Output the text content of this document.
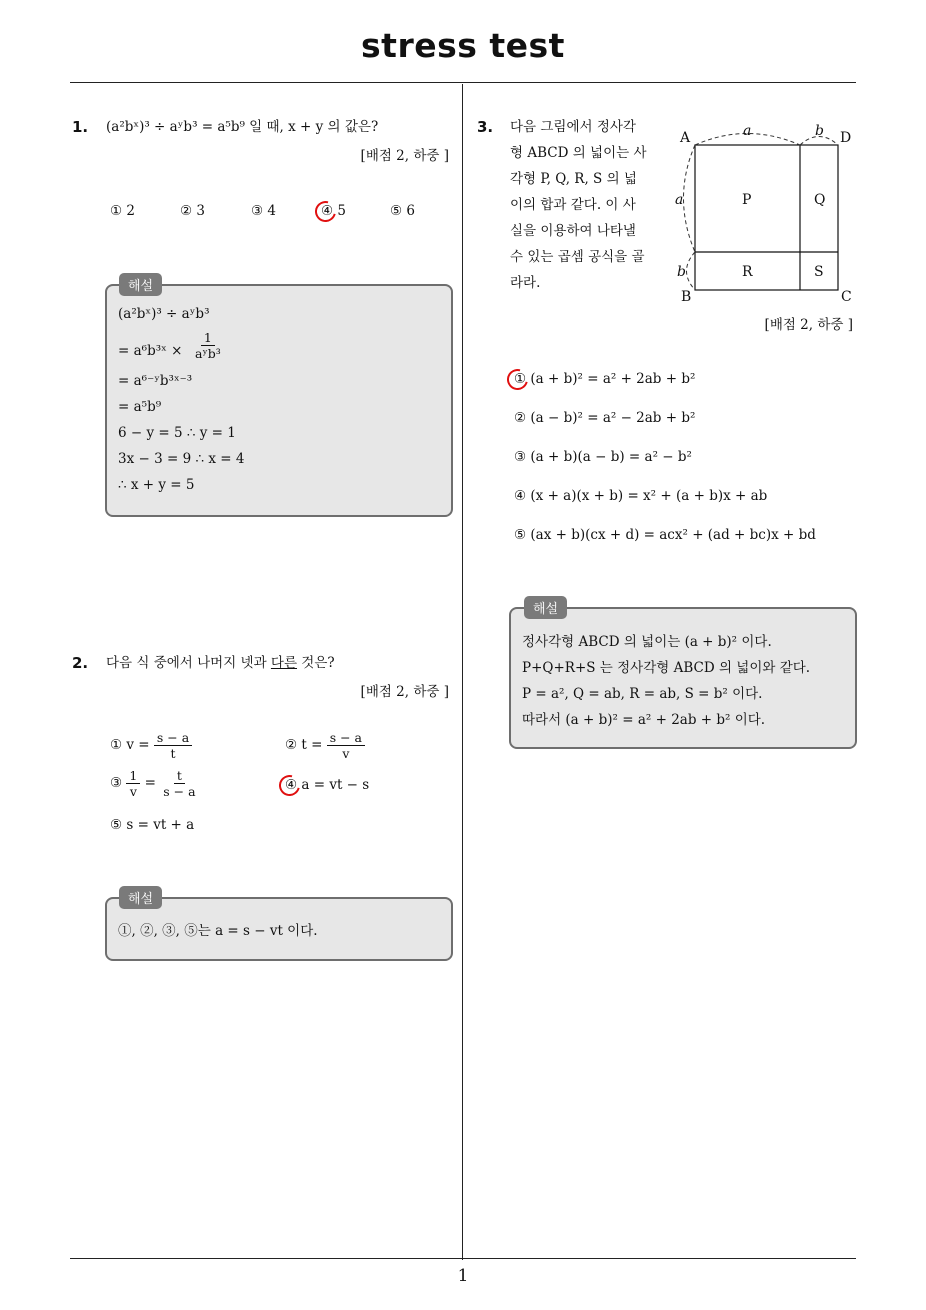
stress test
1
1. (a²bˣ)³ ÷ aʸb³ = a⁵b⁹ 일 때, x + y 의 값은?
[배점 2, 하중 ]
① 2	② 3	③ 4	④ 5	⑤ 6
해설
(a²bˣ)³ ÷ aʸb³
= a⁶b³ˣ × $\frac{1}{\text{aʸb³}}$
= a⁶⁻ʸb³ˣ⁻³
= a⁵b⁹
6 − y = 5 ∴ y = 1
3x − 3 = 9 ∴ x = 4
∴ x + y = 5
2. 다음 식 중에서 나머지 넷과 다른 것은?
[배점 2, 하중 ]
① $v = \frac{s - a}{t}$	② $t = \frac{s - a}{v}$
③ $\frac{1}{v} = \frac{t}{s - a}$	④ a = vt − s
⑤ s = vt + a
해설
①, ②, ③, ⑤는 a = s − vt 이다.
3. 다음 그림에서 정사각
형 ABCD 의 넓이는 사
각형 P, Q, R, S 의 넓
이의 합과 같다. 이 사
실을 이용하여 나타낼
수 있는 곱셈 공식을 골
라라.
A
B	C
D
a	b
a
b
P	Q
R	S
[배점 2, 하중 ]
① (a + b)² = a² + 2ab + b²
② (a − b)² = a² − 2ab + b²
③ (a + b)(a − b) = a² − b²
④ (x + a)(x + b) = x² + (a + b)x + ab
⑤ (ax + b)(cx + d) = acx² + (ad + bc)x + bd
해설
정사각형 ABCD 의 넓이는 (a + b)² 이다.
P+Q+R+S 는 정사각형 ABCD 의 넓이와 같다.
P = a², Q = ab, R = ab, S = b² 이다.
따라서 (a + b)² = a² + 2ab + b² 이다.
